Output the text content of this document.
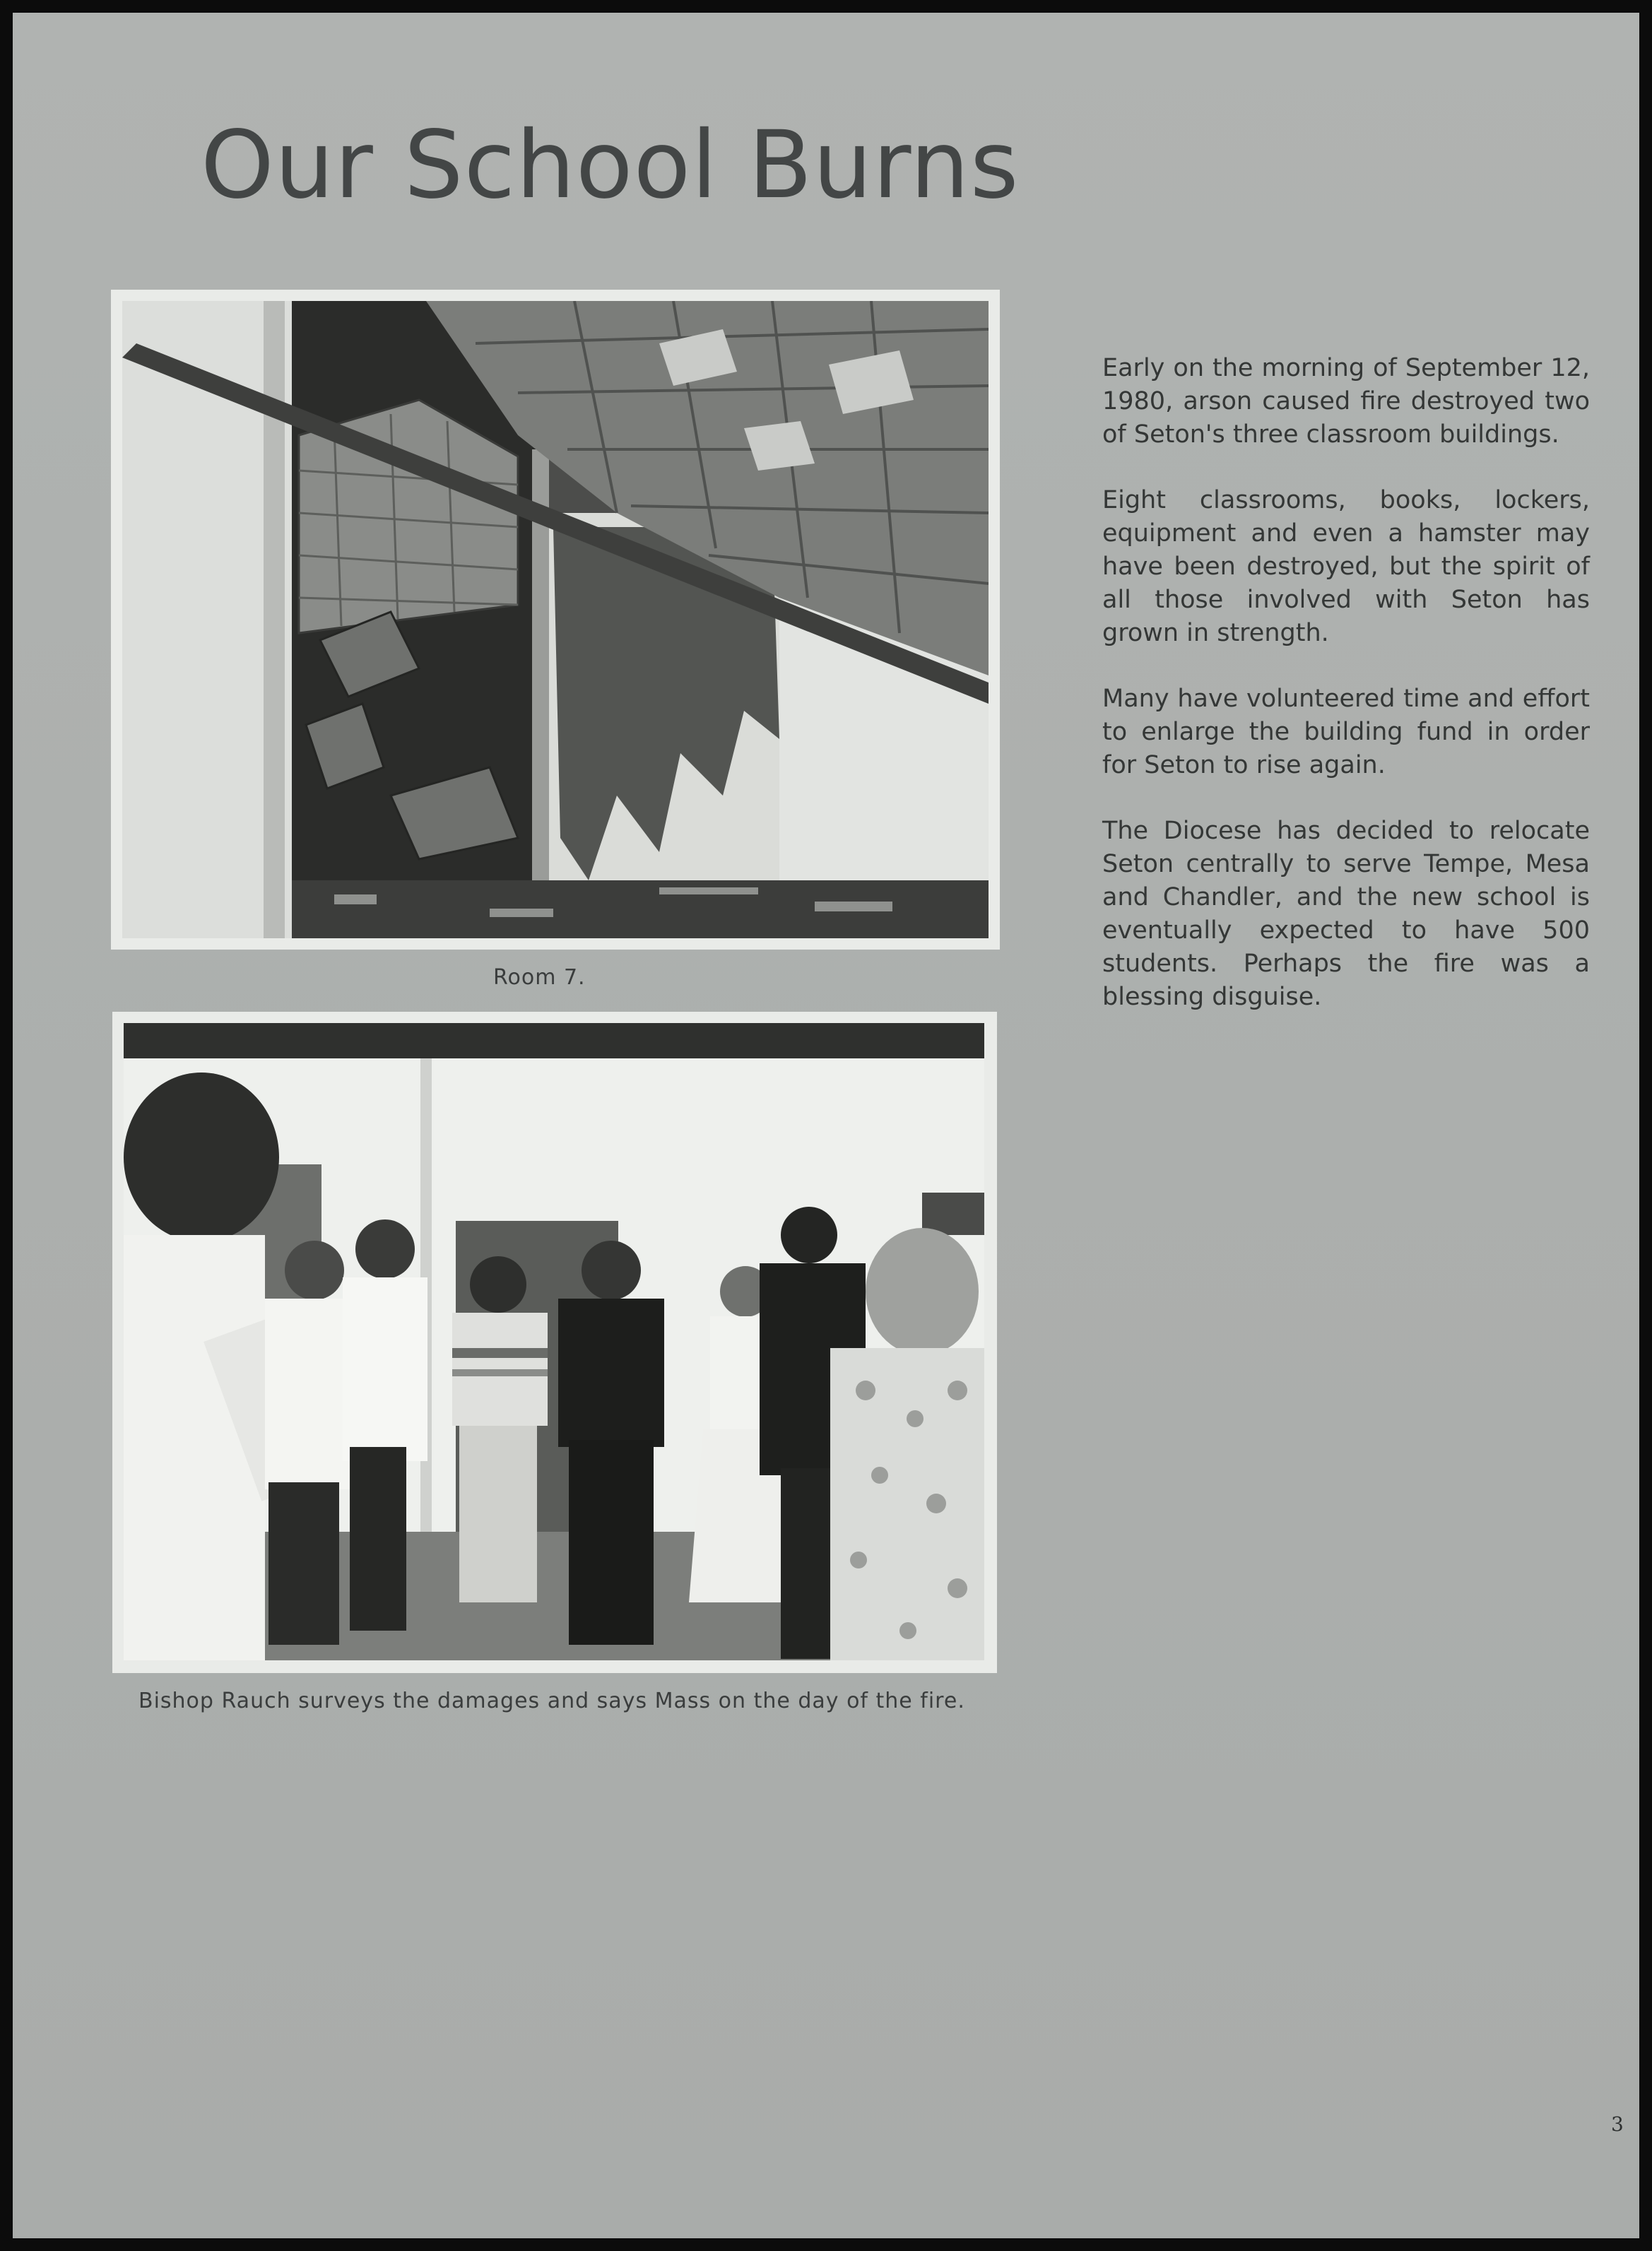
Our School Burns
Room 7.
Bishop Rauch surveys the damages and says Mass on the day of the fire.

Early on the morning of September 12, 1980, arson caused fire destroyed two of Seton's three classroom buildings.

Eight classrooms, books, lockers, equipment and even a hamster may have been destroyed, but the spirit of all those involved with Seton has grown in strength.

Many have volunteered time and effort to enlarge the building fund in order for Seton to rise again.

The Diocese has decided to relocate Seton centrally to serve Tempe, Mesa and Chandler, and the new school is eventually expected to have 500 students. Perhaps the fire was a blessing disguise.

3
